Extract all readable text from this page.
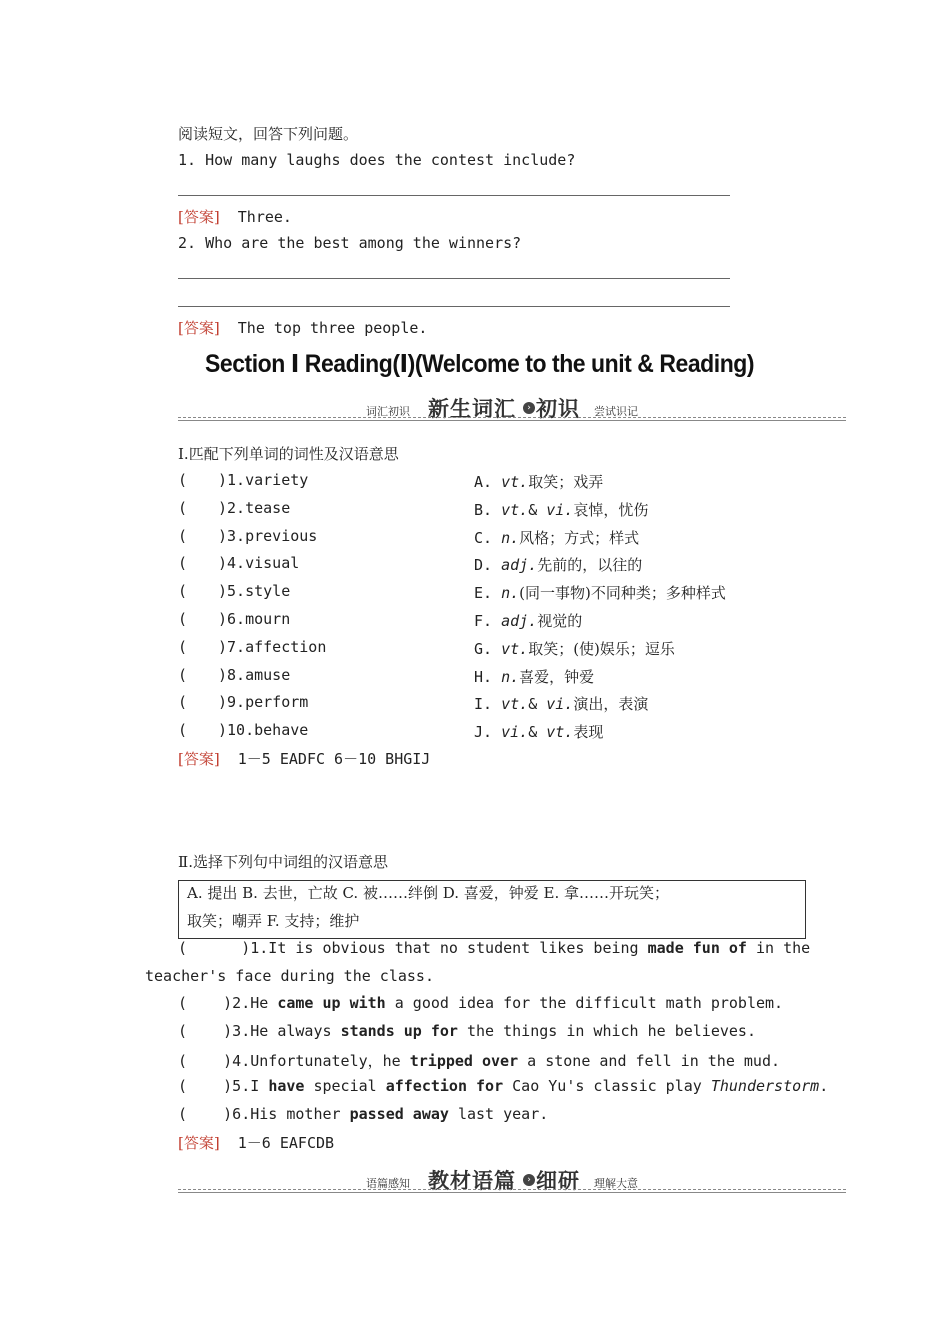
阅读短文，回答下列问题。
1. How many laughs does the contest include?
[答案] Three.
2. Who are the best among the winners?
[答案] The top three people.
Section Ⅰ Reading(Ⅰ)(Welcome to the unit & Reading)
词汇初识 新生词汇	› 初识 尝试识记
Ⅰ.匹配下列单词的词性及汉语意思
( )1.variety	A. vt.取笑；戏弄
( )2.tease	B. vt.& vi.哀悼，忧伤
( )3.previous	C. n.风格；方式；样式
( )4.visual	D. adj.先前的，以往的
( )5.style	E. n.(同一事物)不同种类；多种样式
( )6.mourn	F. adj.视觉的
( )7.affection	G. vt.取笑；(使)娱乐；逗乐
( )8.amuse	H. n.喜爱，钟爱
( )9.perform	I. vt.& vi.演出，表演
( )10.behave	J. vi.& vt.表现
[答案] 1－5 EADFC 6－10 BHGIJ
Ⅱ.选择下列句中词组的汉语意思
A. 提出 B. 去世，亡故 C. 被……绊倒 D. 喜爱，钟爱 E. 拿……开玩笑；
取笑；嘲弄 F. 支持；维护
(	)1.It is obvious that no student likes being made fun of in the
teacher's face during the class.
( )2.He came up with a good idea for the difficult math problem.
( )3.He always stands up for the things in which he believes.
( )4.Unfortunately，he tripped over a stone and fell in the mud.
( )5.I have special affection for Cao Yu's classic play Thunderstorm.
( )6.His mother passed away last year.
[答案] 1－6 EAFCDB
语篇感知 教材语篇	› 细研 理解大意
